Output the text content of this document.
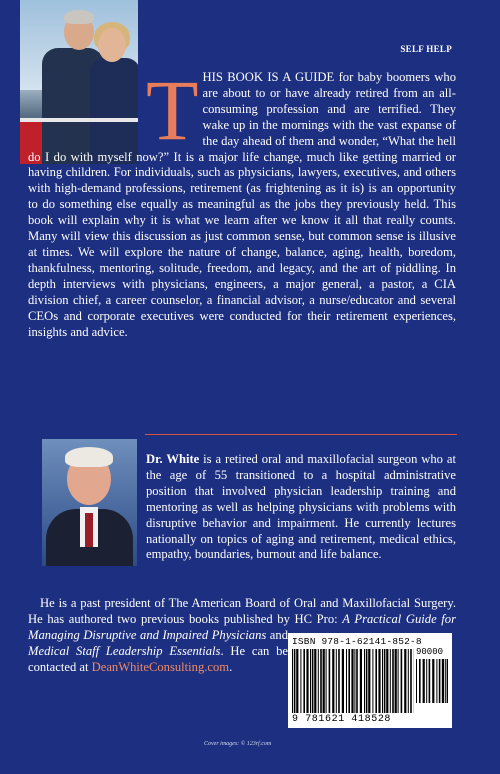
SELF HELP
THIS BOOK IS A GUIDE for baby boomers who are about to or have already retired from an all-consuming profession and are terrified. They wake up in the mornings with the vast expanse of the day ahead of them and wonder, “What the hell do I do with myself now?” It is a major life change, much like getting married or having children. For individuals, such as physicians, lawyers, executives, and others with high-demand professions, retirement (as frightening as it is) is an opportunity to do something else equally as meaningful as the jobs they previously held. This book will explain why it is what we learn after we know it all that really counts. Many will view this discussion as just common sense, but common sense is illusive at times. We will explore the nature of change, balance, aging, health, boredom, thankfulness, mentoring, solitude, freedom, and legacy, and the art of piddling. In depth interviews with physicians, engineers, a major general, a pastor, a CIA division chief, a career counselor, a financial advisor, a nurse/educator and several CEOs and corporate executives were conducted for their retirement experiences, insights and advice.

Dr. White is a retired oral and maxillofacial surgeon who at the age of 55 transitioned to a hospital administrative position that involved physician leadership training and mentoring as well as helping physicians with problems with disruptive behavior and impairment. He currently lectures nationally on topics of aging and retirement, medical ethics, empathy, boundaries, burnout and life balance.

He is a past president of The American Board of Oral and Maxillofacial Surgery. He has authored two previous books published by HC Pro:
A Practical Guide for Managing Disruptive and Impaired Physicians and Medical Staff Leadership Essentials. He can be contacted at DeanWhiteConsulting.com.

ISBN 978-1-62141-852-8
90000
9 781621 418528
Cover images: © 123rf.com
